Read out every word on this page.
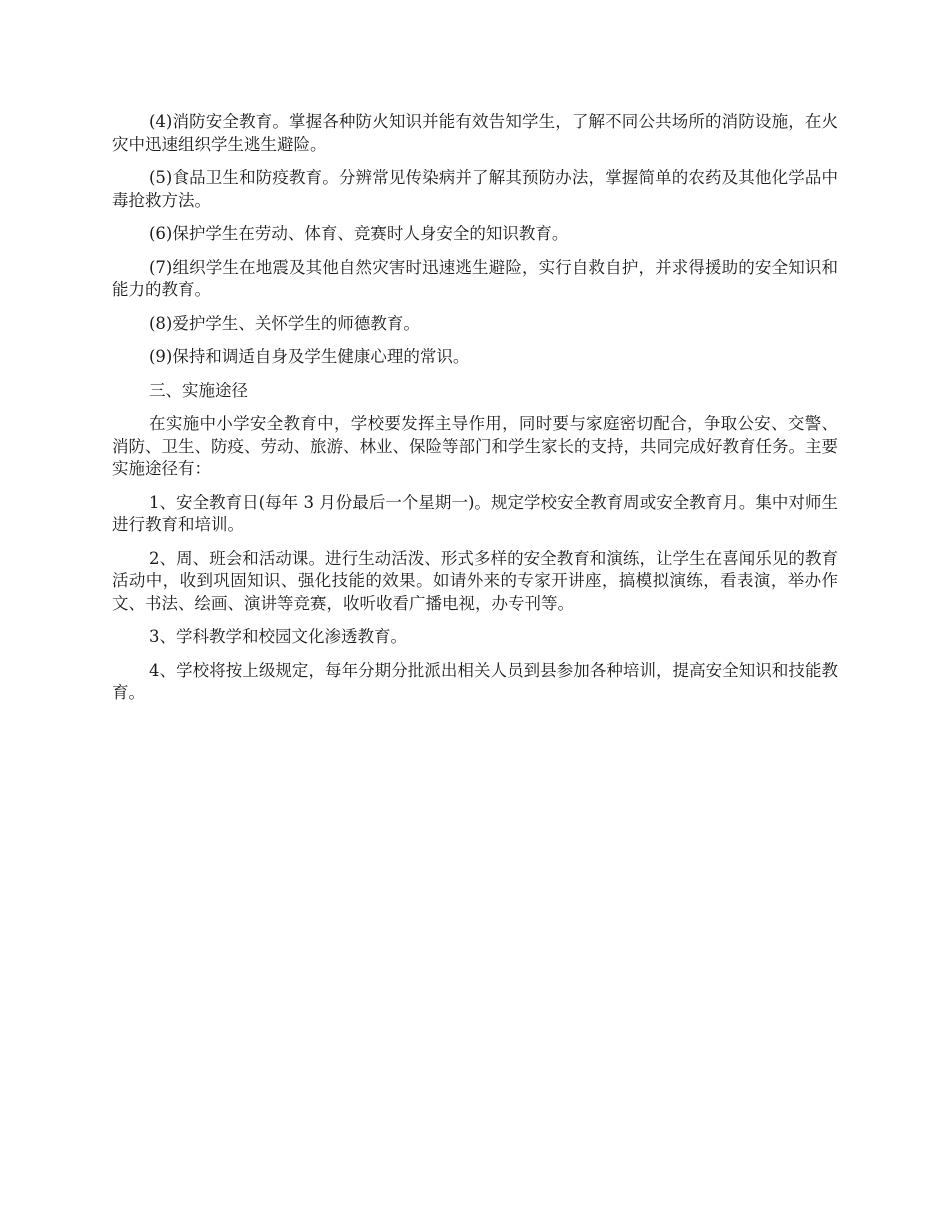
(4)消防安全教育。掌握各种防火知识并能有效告知学生，了解不同公共场所的消防设施，在火灾中迅速组织学生逃生避险。

(5)食品卫生和防疫教育。分辨常见传染病并了解其预防办法，掌握简单的农药及其他化学品中毒抢救方法。

(6)保护学生在劳动、体育、竞赛时人身安全的知识教育。

(7)组织学生在地震及其他自然灾害时迅速逃生避险，实行自救自护，并求得援助的安全知识和能力的教育。

(8)爱护学生、关怀学生的师德教育。

(9)保持和调适自身及学生健康心理的常识。

三、实施途径

在实施中小学安全教育中，学校要发挥主导作用，同时要与家庭密切配合，争取公安、交警、消防、卫生、防疫、劳动、旅游、林业、保险等部门和学生家长的支持，共同完成好教育任务。主要实施途径有：

1、安全教育日(每年 3 月份最后一个星期一)。规定学校安全教育周或安全教育月。集中对师生进行教育和培训。

2、周、班会和活动课。进行生动活泼、形式多样的安全教育和演练，让学生在喜闻乐见的教育活动中，收到巩固知识、强化技能的效果。如请外来的专家开讲座，搞模拟演练，看表演，举办作文、书法、绘画、演讲等竞赛，收听收看广播电视，办专刊等。

3、学科教学和校园文化渗透教育。

4、学校将按上级规定，每年分期分批派出相关人员到县参加各种培训，提高安全知识和技能教育。
